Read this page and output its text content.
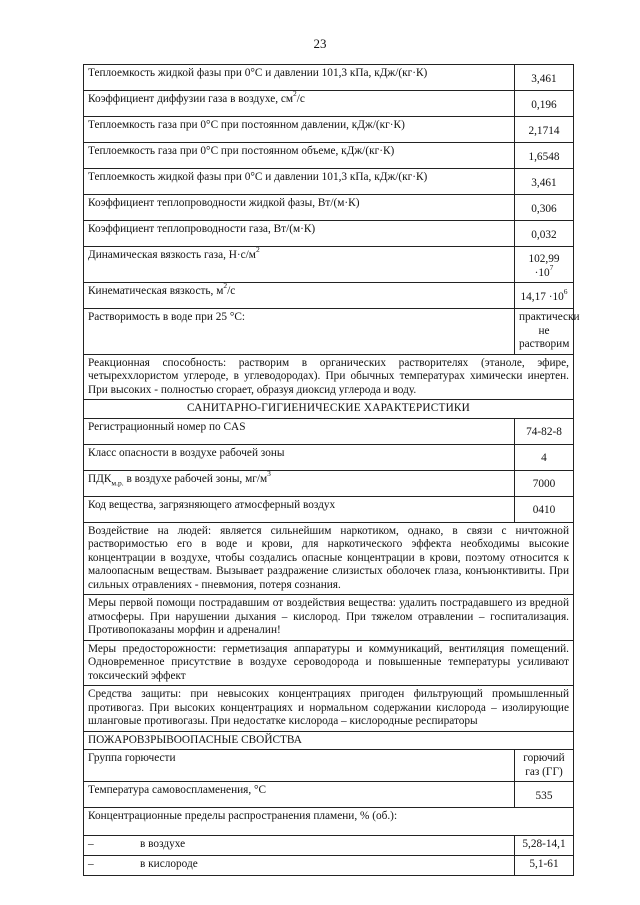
23
Теплоемкость жидкой фазы при 0°С и давлении 101,3 кПа, кДж/(кг·К)	3,461
Коэффициент диффузии газа в воздухе, $см^2/с$	0,196
Теплоемкость газа при 0°С при постоянном давлении, кДж/(кг·К)	2,1714
Теплоемкость газа при 0°С при постоянном объеме, кДж/(кг·К)	1,6548
Теплоемкость жидкой фазы при 0°С и давлении 101,3 кПа, кДж/(кг·К)	3,461
Коэффициент теплопроводности жидкой фазы, Вт/(м·К)	0,306
Коэффициент теплопроводности газа, Вт/(м·К)	0,032
Динамическая вязкость газа, $Н\cdot с/м^2$	$102,99 \cdot 10^7$
Кинематическая вязкость, $м^2/с$	$14,17 \cdot 10^6$
Растворимость в воде при 25 °С:	практически не растворим
Реакционная способность: растворим в органических растворителях (этаноле, эфире, четыреххлористом углероде, в углеводородах). При обычных температурах химически инертен. При высоких - полностью сгорает, образуя диоксид углерода и воду.	
САНИТАРНО-ГИГИЕНИЧЕСКИЕ ХАРАКТЕРИСТИКИ	
Регистрационный номер по CAS	74-82-8
Класс опасности в воздухе рабочей зоны	4
$ПДК_{м.р.}$ в воздухе рабочей зоны, $мг/м^3$	7000
Код вещества, загрязняющего атмосферный воздух	0410
Воздействие на людей: является сильнейшим наркотиком, однако, в связи с ничтожной растворимостью его в воде и крови, для наркотического эффекта необходимы высокие концентрации в воздухе, чтобы создались опасные концентрации в крови, поэтому относится к малоопасным веществам. Вызывает раздражение слизистых оболочек глаза, конъюнктивиты. При сильных отравлениях - пневмония, потеря сознания.	
Меры первой помощи пострадавшим от воздействия вещества: удалить пострадавшего из вредной атмосферы. При нарушении дыхания – кислород. При тяжелом отравлении – госпитализация. Противопоказаны морфин и адреналин!	
Меры предосторожности: герметизация аппаратуры и коммуникаций, вентиляция помещений. Одновременное присутствие в воздухе сероводорода и повышенные температуры усиливают токсический эффект	
Средства защиты: при невысоких концентрациях пригоден фильтрующий промышленный противогаз. При высоких концентрациях и нормальном содержании кислорода – изолирующие шланговые противогазы. При недостатке кислорода – кислородные респираторы	
ПОЖАРОВЗРЫВООПАСНЫЕ СВОЙСТВА	
Группа горючести	горючий газ (ГГ)
Температура самовоспламенения, °С	535
Концентрационные пределы распространения пламени, % (об.):	
– в воздухе	5,28-14,1
– в кислороде	5,1-61
